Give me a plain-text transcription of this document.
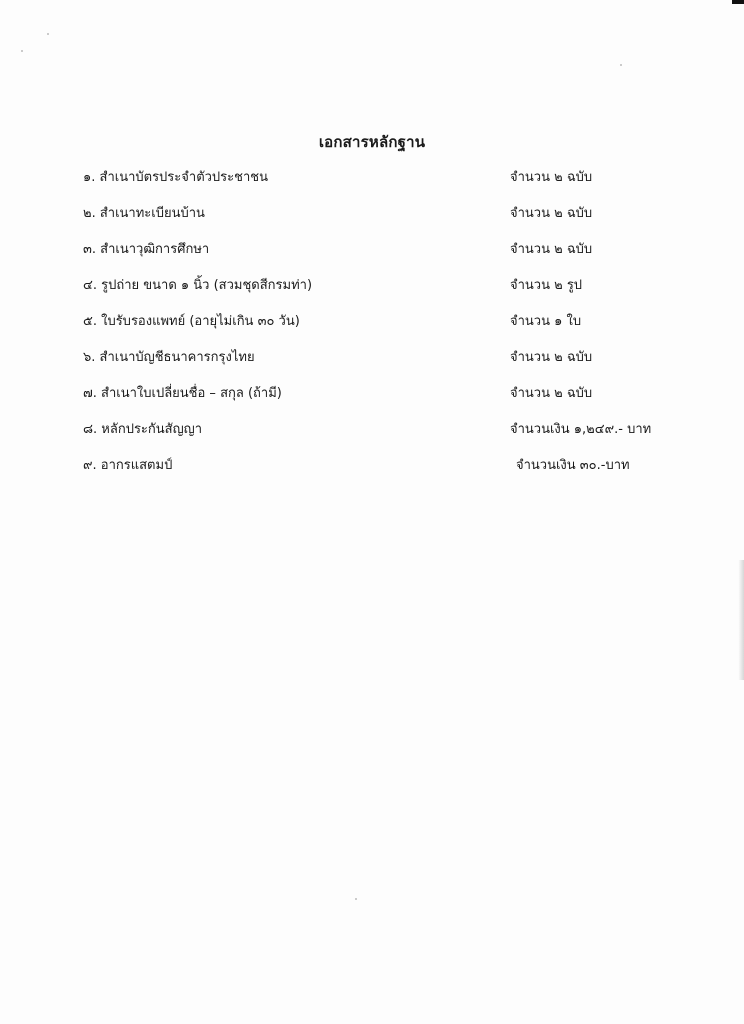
เอกสารหลักฐาน
๑. สำเนาบัตรประจำตัวประชาชน	จำนวน ๒ ฉบับ
๒. สำเนาทะเบียนบ้าน	จำนวน ๒ ฉบับ
๓. สำเนาวุฒิการศึกษา	จำนวน ๒ ฉบับ
๔. รูปถ่าย ขนาด ๑ นิ้ว (สวมชุดสีกรมท่า)	จำนวน ๒ รูป
๕. ใบรับรองแพทย์ (อายุไม่เกิน ๓๐ วัน)	จำนวน ๑ ใบ
๖. สำเนาบัญชีธนาคารกรุงไทย	จำนวน ๒ ฉบับ
๗. สำเนาใบเปลี่ยนชื่อ – สกุล (ถ้ามี)	จำนวน ๒ ฉบับ
๘. หลักประกันสัญญา	จำนวนเงิน ๑,๒๔๙.- บาท
๙. อากรแสตมป์	จำนวนเงิน ๓๐.-บาท
